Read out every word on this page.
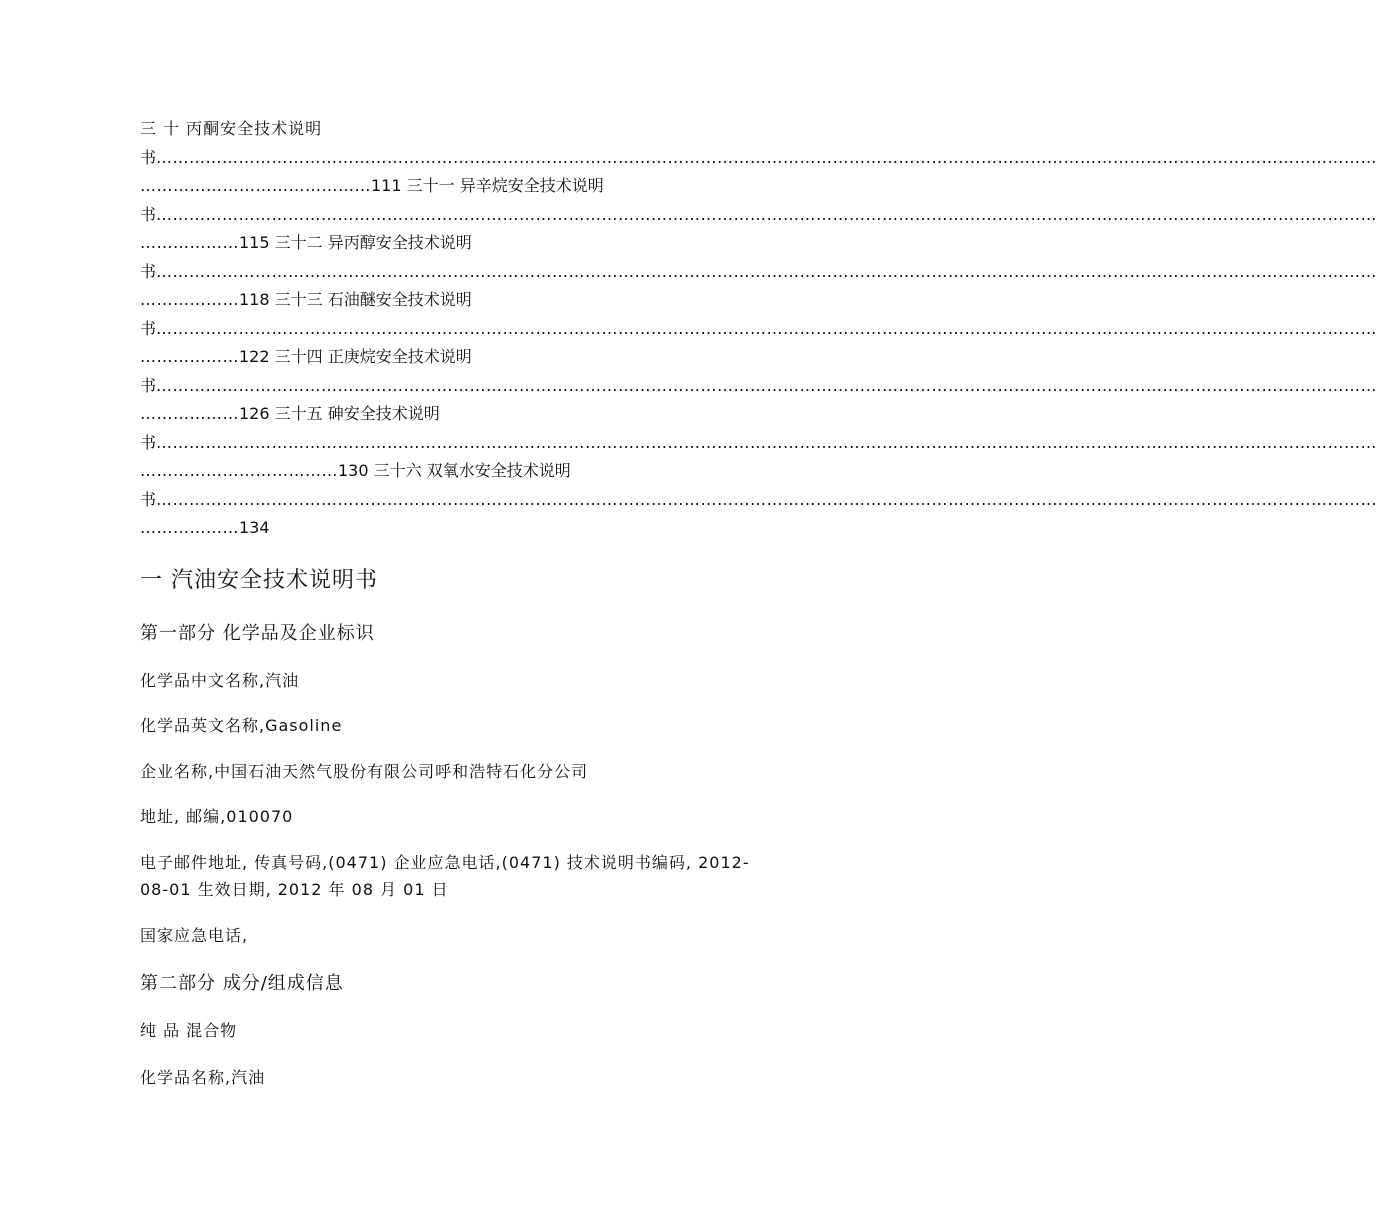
三 十 丙酮安全技术说明
书……………………………………………………………………………………………………………………………………………………………………………………………………
……………………………………111 三十一 异辛烷安全技术说明
书……………………………………………………………………………………………………………………………………………………………………………………………………
………………115 三十二 异丙醇安全技术说明
书……………………………………………………………………………………………………………………………………………………………………………………………………
………………118 三十三 石油醚安全技术说明
书……………………………………………………………………………………………………………………………………………………………………………………………………
………………122 三十四 正庚烷安全技术说明
书……………………………………………………………………………………………………………………………………………………………………………………………………
………………126 三十五 砷安全技术说明
书……………………………………………………………………………………………………………………………………………………………………………………………………
………………………………130 三十六 双氧水安全技术说明
书……………………………………………………………………………………………………………………………………………………………………………………………………
………………134
一 汽油安全技术说明书
第一部分 化学品及企业标识
化学品中文名称,汽油
化学品英文名称,Gasoline
企业名称,中国石油天然气股份有限公司呼和浩特石化分公司
地址, 邮编,010070
电子邮件地址, 传真号码,(0471) 企业应急电话,(0471) 技术说明书编码, 2012-
08-01 生效日期, 2012 年 08 月 01 日
国家应急电话,
第二部分 成分/组成信息
纯 品 混合物
化学品名称,汽油
